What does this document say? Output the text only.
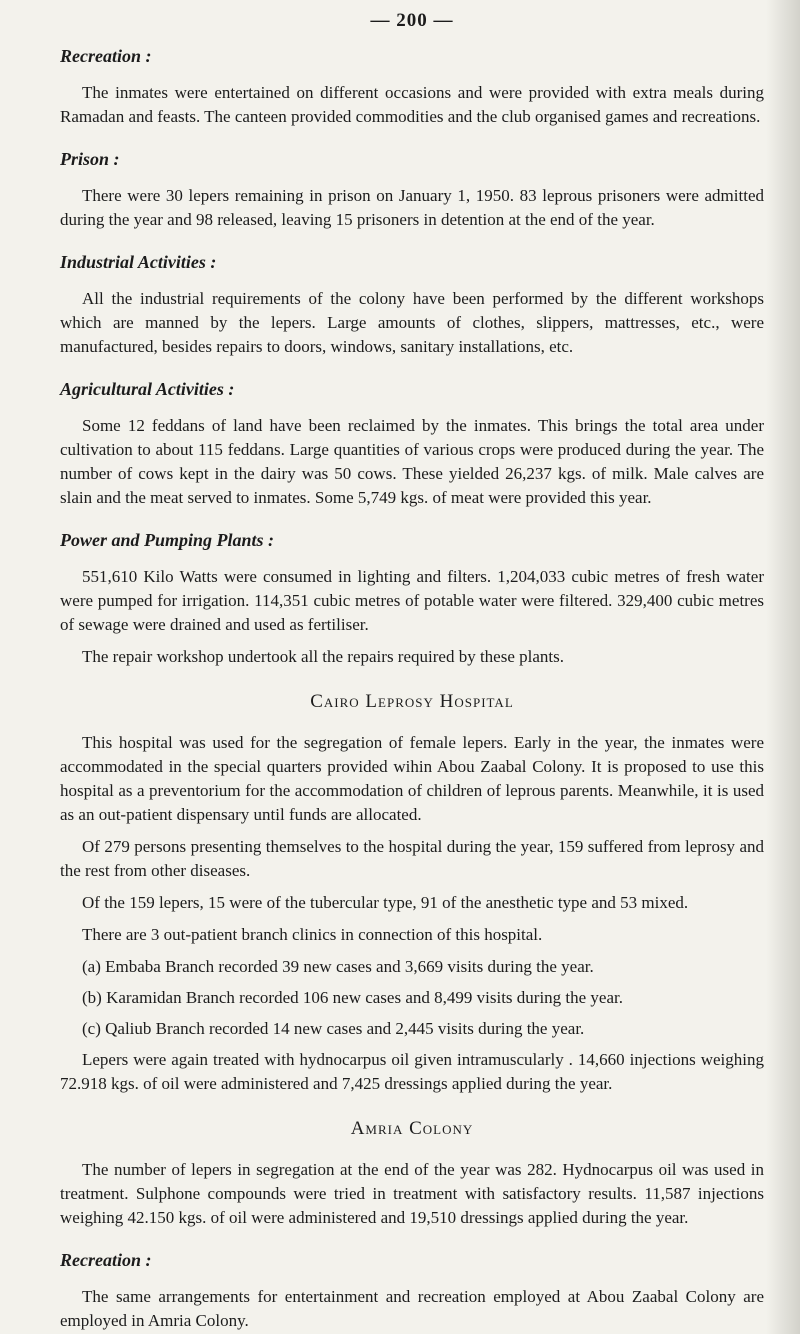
— 200 —
Recreation :
The inmates were entertained on different occasions and were provided with extra meals during Ramadan and feasts. The canteen provided commodities and the club organised games and recreations.
Prison :
There were 30 lepers remaining in prison on January 1, 1950. 83 leprous prisoners were admitted during the year and 98 released, leaving 15 prisoners in detention at the end of the year.
Industrial Activities :
All the industrial requirements of the colony have been performed by the different workshops which are manned by the lepers. Large amounts of clothes, slippers, mattresses, etc., were manufactured, besides repairs to doors, windows, sanitary installations, etc.
Agricultural Activities :
Some 12 feddans of land have been reclaimed by the inmates. This brings the total area under cultivation to about 115 feddans. Large quantities of various crops were produced during the year. The number of cows kept in the dairy was 50 cows. These yielded 26,237 kgs. of milk. Male calves are slain and the meat served to inmates. Some 5,749 kgs. of meat were provided this year.
Power and Pumping Plants :
551,610 Kilo Watts were consumed in lighting and filters. 1,204,033 cubic metres of fresh water were pumped for irrigation. 114,351 cubic metres of potable water were filtered. 329,400 cubic metres of sewage were drained and used as fertiliser.
The repair workshop undertook all the repairs required by these plants.
Cairo Leprosy Hospital
This hospital was used for the segregation of female lepers. Early in the year, the inmates were accommodated in the special quarters provided wihin Abou Zaabal Colony. It is proposed to use this hospital as a preventorium for the accommodation of children of leprous parents. Meanwhile, it is used as an out-patient dispensary until funds are allocated.
Of 279 persons presenting themselves to the hospital during the year, 159 suffered from leprosy and the rest from other diseases.
Of the 159 lepers, 15 were of the tubercular type, 91 of the anesthetic type and 53 mixed.
There are 3 out-patient branch clinics in connection of this hospital.
(a) Embaba Branch recorded 39 new cases and 3,669 visits during the year.
(b) Karamidan Branch recorded 106 new cases and 8,499 visits during the year.
(c) Qaliub Branch recorded 14 new cases and 2,445 visits during the year.
Lepers were again treated with hydnocarpus oil given intramuscularly . 14,660 injections weighing 72.918 kgs. of oil were administered and 7,425 dressings applied during the year.
Amria Colony
The number of lepers in segregation at the end of the year was 282. Hydnocarpus oil was used in treatment. Sulphone compounds were tried in treatment with satisfactory results. 11,587 injections weighing 42.150 kgs. of oil were administered and 19,510 dressings applied during the year.
Recreation :
The same arrangements for entertainment and recreation employed at Abou Zaabal Colony are employed in Amria Colony.
